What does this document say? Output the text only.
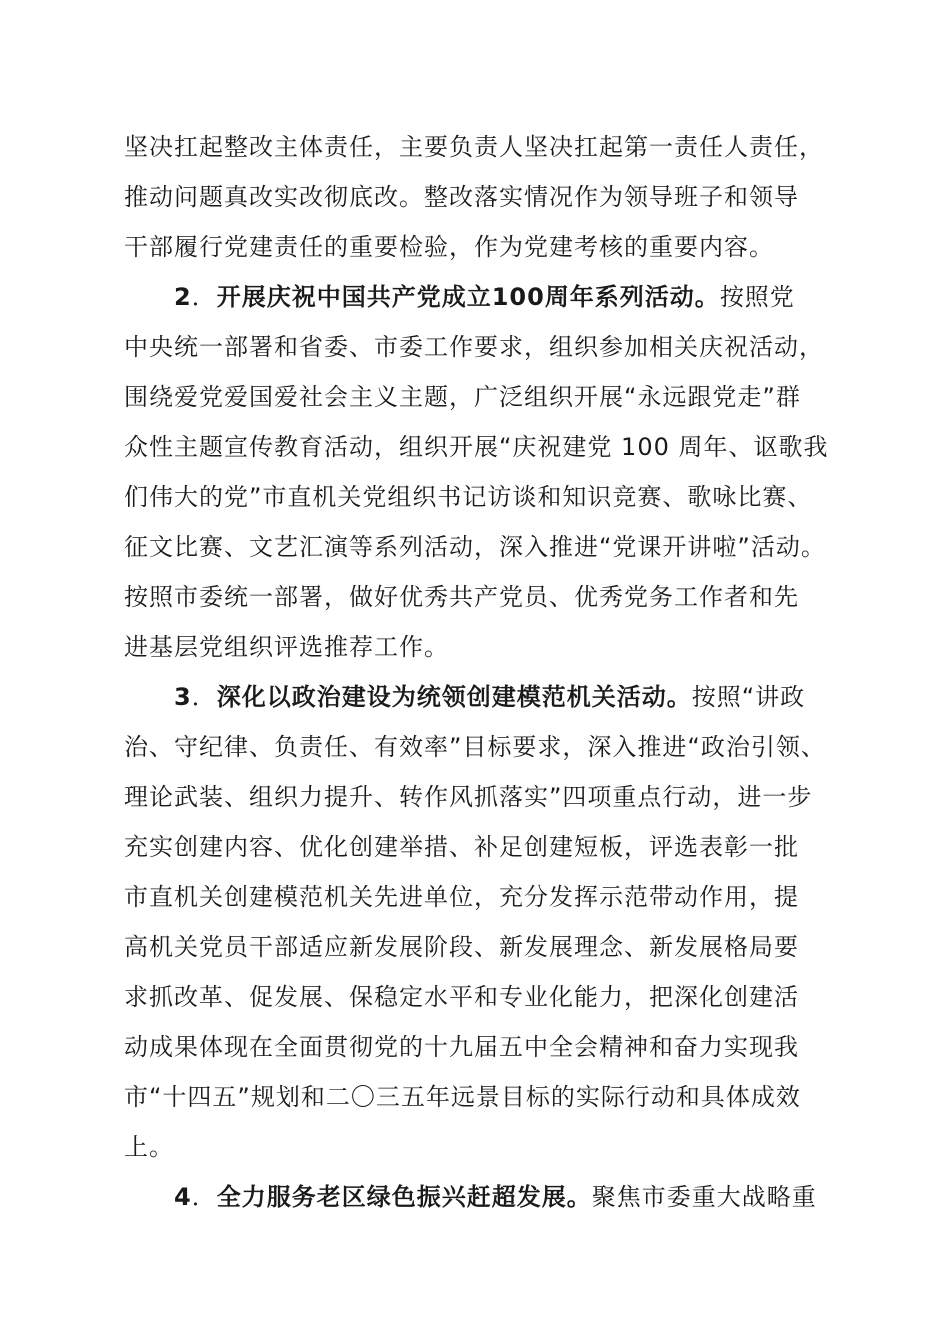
坚决扛起整改主体责任，主要负责人坚决扛起第一责任人责任，
推动问题真改实改彻底改。整改落实情况作为领导班子和领导
干部履行党建责任的重要检验，作为党建考核的重要内容。

2．开展庆祝中国共产党成立100周年系列活动。按照党
中央统一部署和省委、市委工作要求，组织参加相关庆祝活动，
围绕爱党爱国爱社会主义主题，广泛组织开展“永远跟党走”群
众性主题宣传教育活动，组织开展“庆祝建党 100 周年、讴歌我
们伟大的党”市直机关党组织书记访谈和知识竞赛、歌咏比赛、
征文比赛、文艺汇演等系列活动，深入推进“党课开讲啦”活动。
按照市委统一部署，做好优秀共产党员、优秀党务工作者和先
进基层党组织评选推荐工作。

3．深化以政治建设为统领创建模范机关活动。按照“讲政
治、守纪律、负责任、有效率”目标要求，深入推进“政治引领、
理论武装、组织力提升、转作风抓落实”四项重点行动，进一步
充实创建内容、优化创建举措、补足创建短板，评选表彰一批
市直机关创建模范机关先进单位，充分发挥示范带动作用，提
高机关党员干部适应新发展阶段、新发展理念、新发展格局要
求抓改革、促发展、保稳定水平和专业化能力，把深化创建活
动成果体现在全面贯彻党的十九届五中全会精神和奋力实现我
市“十四五”规划和二〇三五年远景目标的实际行动和具体成效
上。

4．全力服务老区绿色振兴赶超发展。聚焦市委重大战略重
